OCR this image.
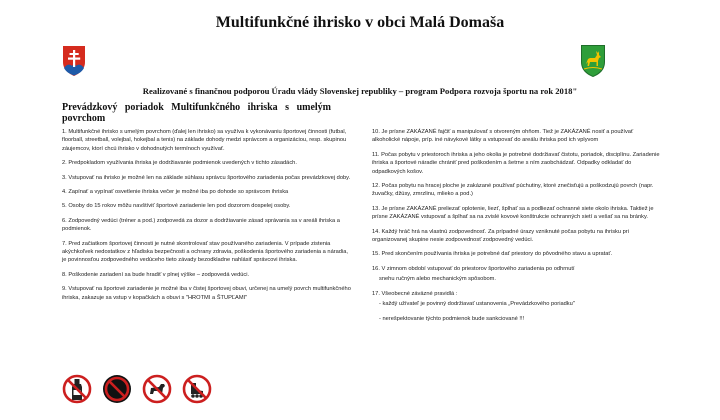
Multifunkčné ihrisko v obci Malá Domaša
Realizované s finančnou podporou Úradu vlády Slovenskej republiky – program Podpora rozvoja športu na rok 2018"
Prevádzkový poriadok Multifunkčného ihriska s umelým
povrchom

1. Multifunkčné ihrisko s umelým povrchom (ďalej len ihrisko) sa využíva k vykonávaniu športovej činnosti (futbal, floorball, streetball, volejbal, hokejbal a tenis) na základe dohody medzi správcom a organizáciou, resp. skupinou záujemcov, ktorí chcú ihrisko v dohodnutých termínoch využívať.

2. Predpokladom využívania ihriska je dodržiavanie podmienok uvedených v tichto zásadách.

3. Vstupovať na ihrisko je možné len na základe súhlasu správcu športového zariadenia počas prevádzkovej doby.

4. Zapínať a vypínať osvetlenie ihriska večer je možné iba po dohode so správcom ihriska

5. Osoby do 15 rokov môžu navštíviť športové zariadenie len pod dozorom dospelej osoby.

6. Zodpovedný vedúci (tréner a pod.) zodpovedá za dozor a dodržiavanie zásad správania sa v areáli ihriska a podmienok.

7. Pred začiatkom športovej činnosti je nutné skontrolovať stav používaného zariadenia. V prípade zistenia akýchkoľvek nedostatkov z hľadiska bezpečnosti a ochrany zdravia, poškodenia športového zariadenia a náradia, je povinnosťou zodpovedného vedúceho tieto závady bezodkladne nahlásiť správcovi ihriska.

8. Poškodenie zariadení sa bude hradiť v plnej výške – zodpovedá vedúci.

9. Vstupovať na športové zariadenie je možné iba v čistej športovej obuvi, určenej na umelý povrch multifunkčného ihriska, zakazuje sa vstup v kopačkách a obuvi s "HROTMI a ŠTUPĽAMI"

10. Je prísne ZAKÁZANÉ fajčiť a manipulovať s otvoreným ohňom. Tiež je ZAKÁZANÉ nosiť a používať alkoholické nápoje, príp. iné návykové látky a vstupovať do areálu ihriska pod ich vplyvom

11. Počas pobytu v priestoroch ihriska a jeho okolia je potrebné dodržiavať čistotu, poriadok, disciplínu. Zariadenie ihriska a športové náradie chrániť pred poškodením a šetrne s ním zaobchádzať. Odpadky odkladať do odpadkových košov.

12. Počas pobytu na hracej ploche je zakázané používať púchutiny, ktoré znečisťujú a poškodzujú povrch (napr. žuvačky, džúsy, zmrzlinu, mlieko a pod.)

13. Je prísne ZAKÁZANÉ preliezať oplotenie, liezť, šplhať sa a podliezať ochranné siete okolo ihriska. Taktiež je prísne ZAKÁZANÉ vstupovať a šplhať sa na zvislé kovové konštrukcie ochranných sietí a vešať sa na bránky.

14. Každý hráč hrá na vlastnú zodpovednosť. Za prípadné úrazy vzniknuté počas pobytu na ihrisku pri organizovanej skupine nesie zodpovednosť zodpovedný vedúci.

15. Pred skončením používania ihriska je potrebné dať priestory do pôvodného stavu a upratať.

16. V zimnom období vstupovať do priestorov športového zariadenia po odhrnutí

snehu ručným alebo mechanickým spôsobom.

17. Všeobecné záväzné pravidlá :

- každý užívateľ je povinný dodržiavať ustanovenia „Prevádzkového poriadku"

- nerešpektovanie týchto podmienok bude sankciované !!!
